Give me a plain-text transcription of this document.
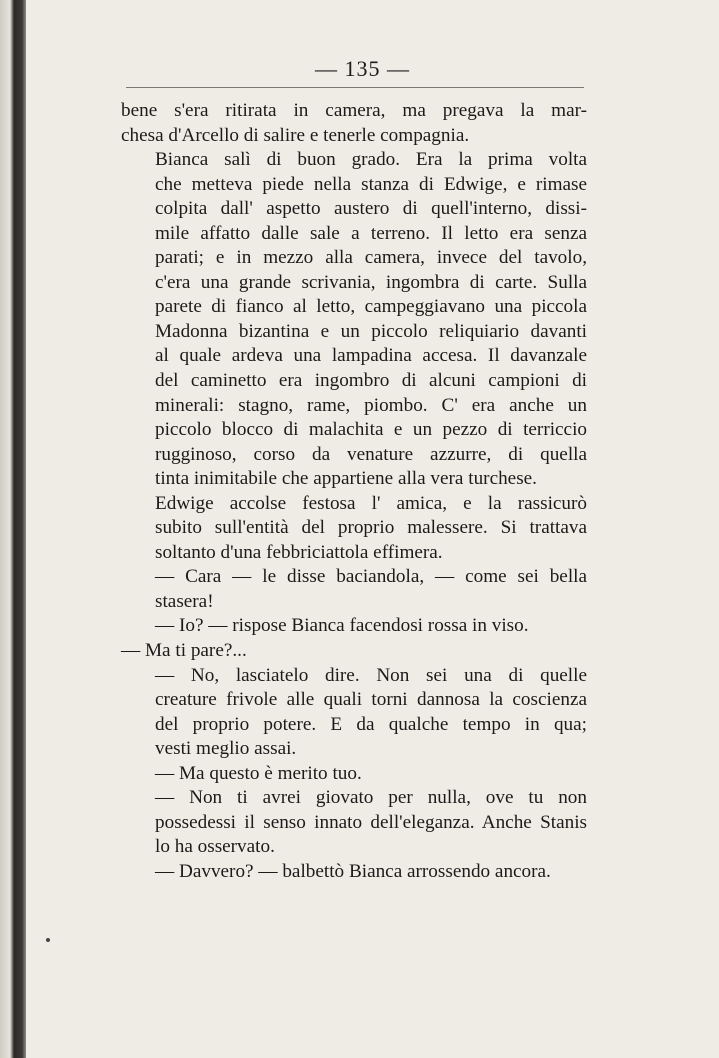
— 135 —

bene s'era ritirata in camera, ma pregava la mar-
chesa d'Arcello di salire e tenerle compagnia.

Bianca salì di buon grado. Era la prima volta
che metteva piede nella stanza di Edwige, e rimase
colpita dall' aspetto austero di quell'interno, dissi-
mile affatto dalle sale a terreno. Il letto era senza
parati; e in mezzo alla camera, invece del tavolo,
c'era una grande scrivania, ingombra di carte. Sulla
parete di fianco al letto, campeggiavano una piccola
Madonna bizantina e un piccolo reliquiario davanti
al quale ardeva una lampadina accesa. Il davanzale
del caminetto era ingombro di alcuni campioni di
minerali: stagno, rame, piombo. C' era anche un
piccolo blocco di malachita e un pezzo di terriccio
rugginoso, corso da venature azzurre, di quella
tinta inimitabile che appartiene alla vera turchese.

Edwige accolse festosa l' amica, e la rassicurò
subito sull'entità del proprio malessere. Si trattava
soltanto d'una febbriciattola effimera.

— Cara — le disse baciandola, — come sei bella
stasera!

— Io? — rispose Bianca facendosi rossa in viso.

— Ma ti pare?...

— No, lasciatelo dire. Non sei una di quelle
creature frivole alle quali torni dannosa la coscienza
del proprio potere. E da qualche tempo in qua;
vesti meglio assai.

— Ma questo è merito tuo.

— Non ti avrei giovato per nulla, ove tu non
possedessi il senso innato dell'eleganza. Anche Stanis
lo ha osservato.

— Davvero? — balbettò Bianca arrossendo ancora.
